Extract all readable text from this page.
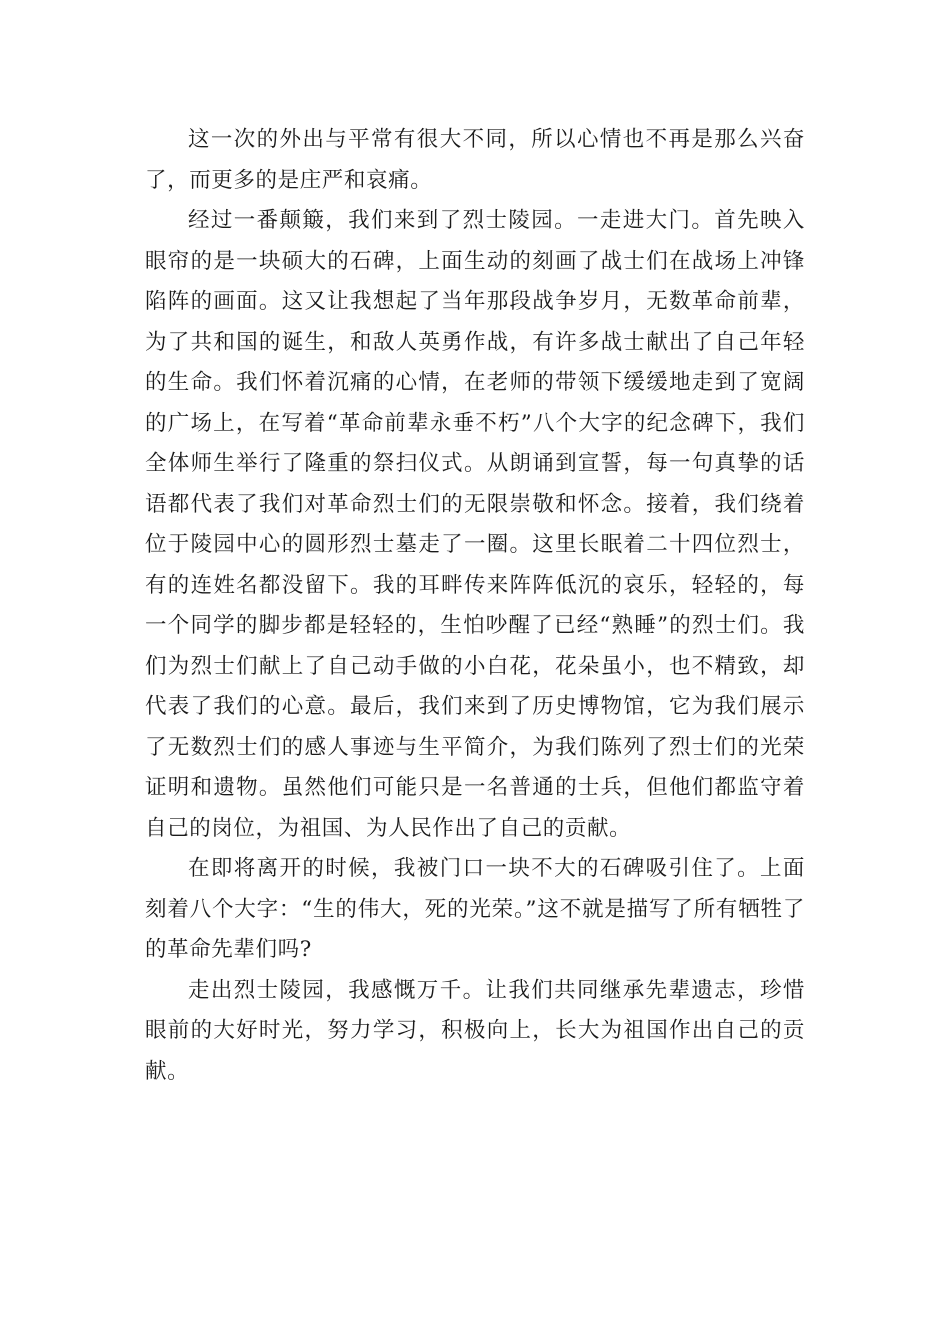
这一次的外出与平常有很大不同，所以心情也不再是那么兴奋了，而更多的是庄严和哀痛。

经过一番颠簸，我们来到了烈士陵园。一走进大门。首先映入眼帘的是一块硕大的石碑，上面生动的刻画了战士们在战场上冲锋陷阵的画面。这又让我想起了当年那段战争岁月，无数革命前辈，为了共和国的诞生，和敌人英勇作战，有许多战士献出了自己年轻的生命。我们怀着沉痛的心情，在老师的带领下缓缓地走到了宽阔的广场上，在写着“革命前辈永垂不朽”八个大字的纪念碑下，我们全体师生举行了隆重的祭扫仪式。从朗诵到宣誓，每一句真挚的话语都代表了我们对革命烈士们的无限崇敬和怀念。接着，我们绕着位于陵园中心的圆形烈士墓走了一圈。这里长眠着二十四位烈士，有的连姓名都没留下。我的耳畔传来阵阵低沉的哀乐，轻轻的，每一个同学的脚步都是轻轻的，生怕吵醒了已经“熟睡”的烈士们。我们为烈士们献上了自己动手做的小白花，花朵虽小，也不精致，却代表了我们的心意。最后，我们来到了历史博物馆，它为我们展示了无数烈士们的感人事迹与生平简介，为我们陈列了烈士们的光荣证明和遗物。虽然他们可能只是一名普通的士兵，但他们都监守着自己的岗位，为祖国、为人民作出了自己的贡献。

在即将离开的时候，我被门口一块不大的石碑吸引住了。上面刻着八个大字：“生的伟大，死的光荣。”这不就是描写了所有牺牲了的革命先辈们吗?

走出烈士陵园，我感慨万千。让我们共同继承先辈遗志，珍惜眼前的大好时光，努力学习，积极向上，长大为祖国作出自己的贡献。
